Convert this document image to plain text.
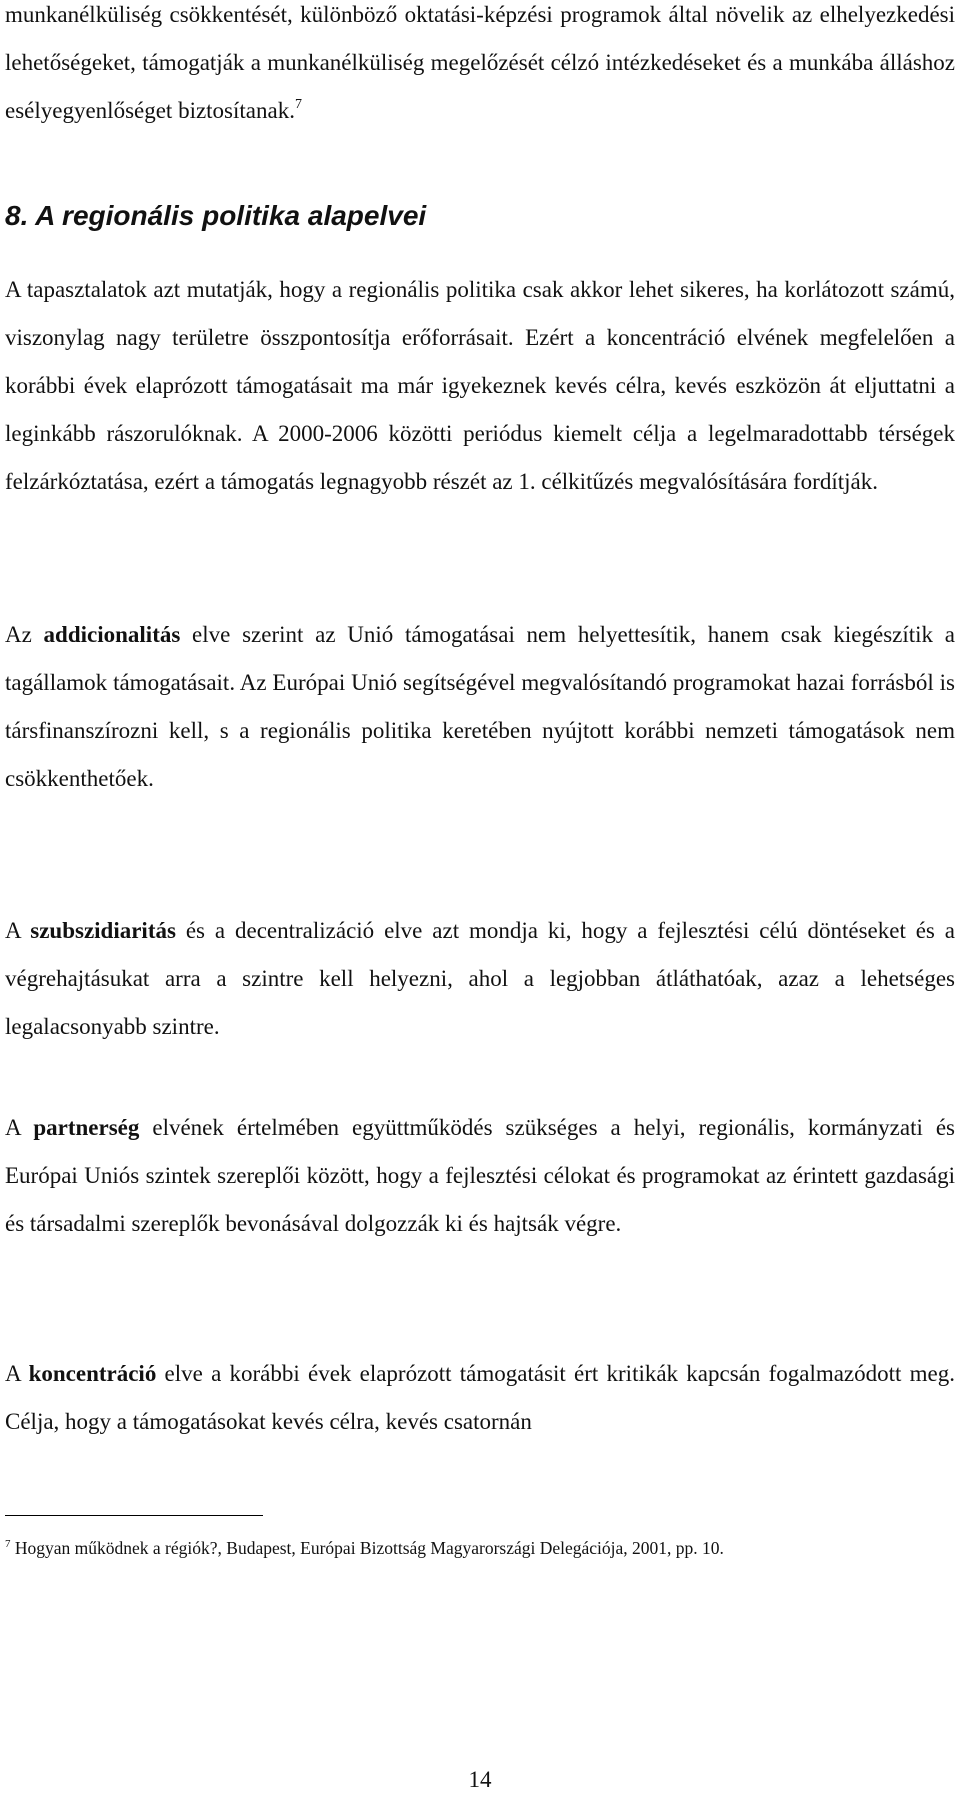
munkanélküliség csökkentését, különböző oktatási-képzési programok által növelik az elhelyezkedési lehetőségeket, támogatják a munkanélküliség megelőzését célzó intézkedéseket és a munkába álláshoz esélyegyenlőséget biztosítanak.$^7$

8. A regionális politika alapelvei

A tapasztalatok azt mutatják, hogy a regionális politika csak akkor lehet sikeres, ha korlátozott számú, viszonylag nagy területre összpontosítja erőforrásait. Ezért a koncentráció elvének megfelelően a korábbi évek elaprózott támogatásait ma már igyekeznek kevés célra, kevés eszközön át eljuttatni a leginkább rászorulóknak. A 2000-2006 közötti periódus kiemelt célja a legelmaradottabb térségek felzárkóztatása, ezért a támogatás legnagyobb részét az 1. célkitűzés megvalósítására fordítják.

Az addicionalitás elve szerint az Unió támogatásai nem helyettesítik, hanem csak kiegészítik a tagállamok támogatásait. Az Európai Unió segítségével megvalósítandó programokat hazai forrásból is társfinanszírozni kell, s a regionális politika keretében nyújtott korábbi nemzeti támogatások nem csökkenthetőek.

A szubszidiaritás és a decentralizáció elve azt mondja ki, hogy a fejlesztési célú döntéseket és a végrehajtásukat arra a szintre kell helyezni, ahol a legjobban átláthatóak, azaz a lehetséges legalacsonyabb szintre.

A partnerség elvének értelmében együttműködés szükséges a helyi, regionális, kormányzati és Európai Uniós szintek szereplői között, hogy a fejlesztési célokat és programokat az érintett gazdasági és társadalmi szereplők bevonásával dolgozzák ki és hajtsák végre.

A koncentráció elve a korábbi évek elaprózott támogatásit ért kritikák kapcsán fogalmazódott meg. Célja, hogy a támogatásokat kevés célra, kevés csatornán

$^7$ Hogyan működnek a régiók?, Budapest, Európai Bizottság Magyarországi Delegációja, 2001, pp. 10.

14
